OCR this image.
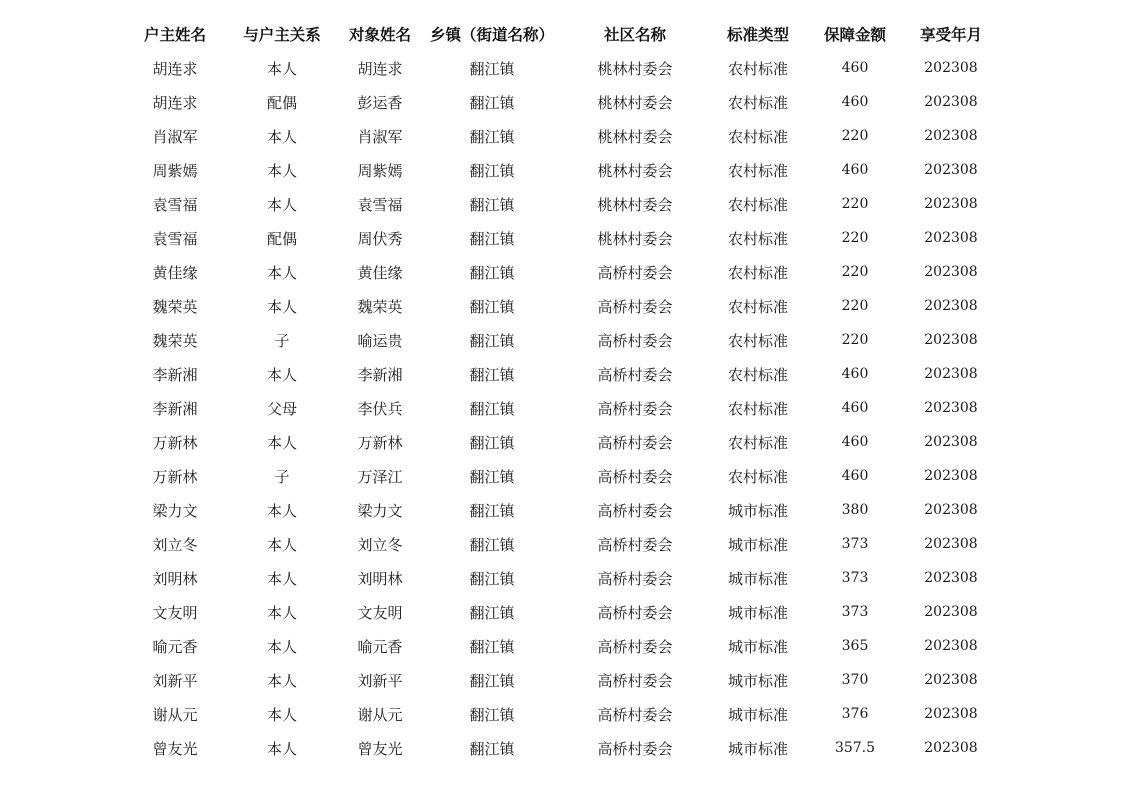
户主姓名	与户主关系	对象姓名	乡镇（街道名称）	社区名称	标准类型	保障金额	享受年月
胡连求	本人	胡连求	翻江镇	桃林村委会	农村标准	460	202308
胡连求	配偶	彭运香	翻江镇	桃林村委会	农村标准	460	202308
肖淑军	本人	肖淑军	翻江镇	桃林村委会	农村标准	220	202308
周紫嫣	本人	周紫嫣	翻江镇	桃林村委会	农村标准	460	202308
袁雪福	本人	袁雪福	翻江镇	桃林村委会	农村标准	220	202308
袁雪福	配偶	周伏秀	翻江镇	桃林村委会	农村标准	220	202308
黄佳缘	本人	黄佳缘	翻江镇	高桥村委会	农村标准	220	202308
魏荣英	本人	魏荣英	翻江镇	高桥村委会	农村标准	220	202308
魏荣英	子	喻运贵	翻江镇	高桥村委会	农村标准	220	202308
李新湘	本人	李新湘	翻江镇	高桥村委会	农村标准	460	202308
李新湘	父母	李伏兵	翻江镇	高桥村委会	农村标准	460	202308
万新林	本人	万新林	翻江镇	高桥村委会	农村标准	460	202308
万新林	子	万泽江	翻江镇	高桥村委会	农村标准	460	202308
梁力文	本人	梁力文	翻江镇	高桥村委会	城市标准	380	202308
刘立冬	本人	刘立冬	翻江镇	高桥村委会	城市标准	373	202308
刘明林	本人	刘明林	翻江镇	高桥村委会	城市标准	373	202308
文友明	本人	文友明	翻江镇	高桥村委会	城市标准	373	202308
喻元香	本人	喻元香	翻江镇	高桥村委会	城市标准	365	202308
刘新平	本人	刘新平	翻江镇	高桥村委会	城市标准	370	202308
谢从元	本人	谢从元	翻江镇	高桥村委会	城市标准	376	202308
曾友光	本人	曾友光	翻江镇	高桥村委会	城市标准	357.5	202308
